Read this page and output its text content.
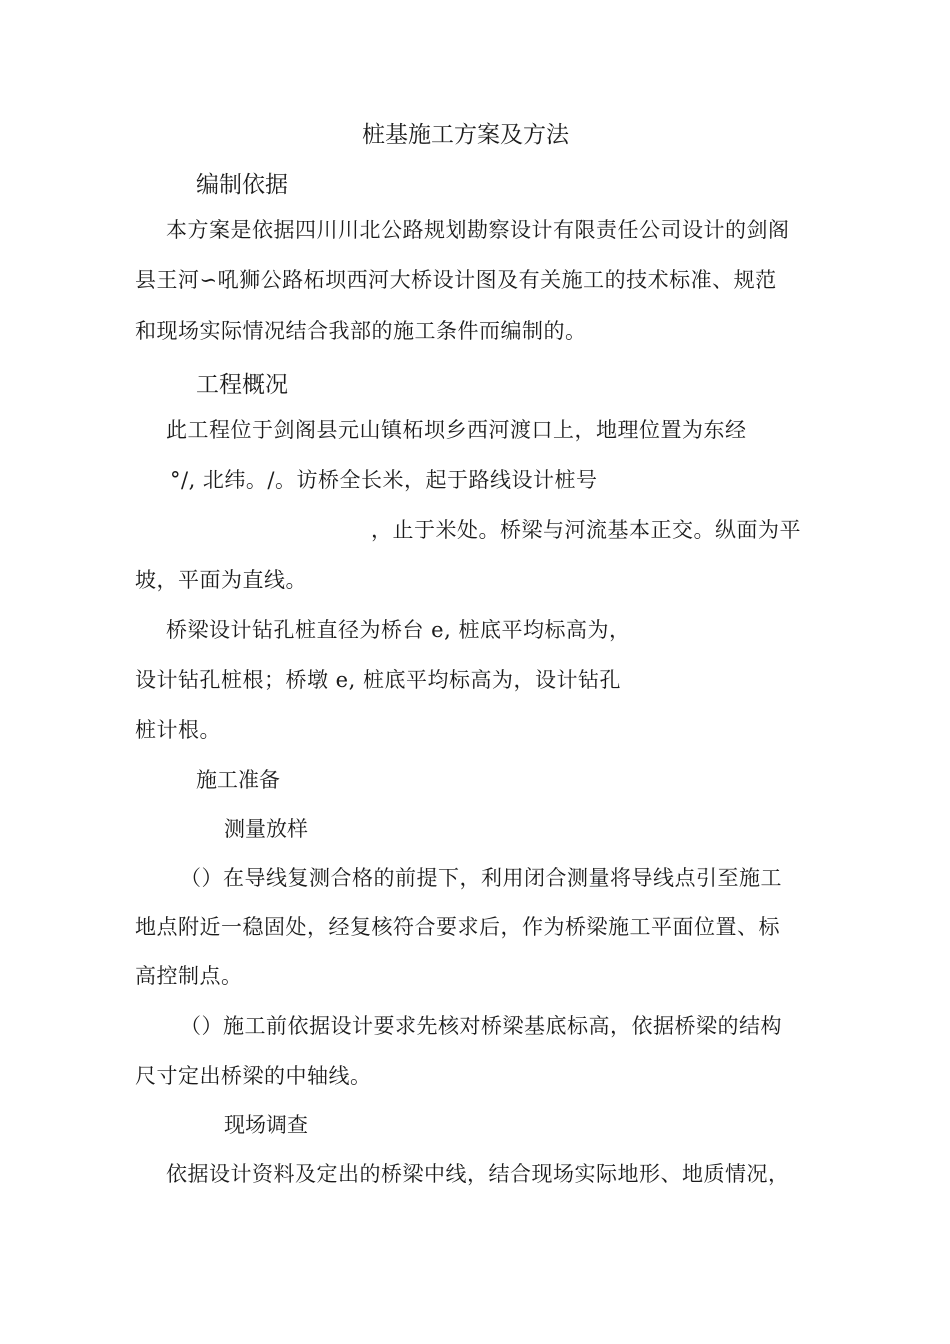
桩基施工方案及方法
编制依据
本方案是依据四川川北公路规划勘察设计有限责任公司设计的剑阁
县王河∽吼狮公路柘坝西河大桥设计图及有关施工的技术标准、规范
和现场实际情况结合我部的施工条件而编制的。
工程概况
此工程位于剑阁县元山镇柘坝乡西河渡口上，地理位置为东经
°/, 北纬。/。访桥全长米，起于路线设计桩号
，止于米处。桥梁与河流基本正交。纵面为平
坡，平面为直线。
桥梁设计钻孔桩直径为桥台 e, 桩底平均标高为，
设计钻孔桩根；桥墩 e, 桩底平均标高为，设计钻孔
桩计根。
施工准备
测量放样
（）在导线复测合格的前提下，利用闭合测量将导线点引至施工
地点附近一稳固处，经复核符合要求后，作为桥梁施工平面位置、标
高控制点。
（）施工前依据设计要求先核对桥梁基底标高，依据桥梁的结构
尺寸定出桥梁的中轴线。
现场调查
依据设计资料及定出的桥梁中线，结合现场实际地形、地质情况，
